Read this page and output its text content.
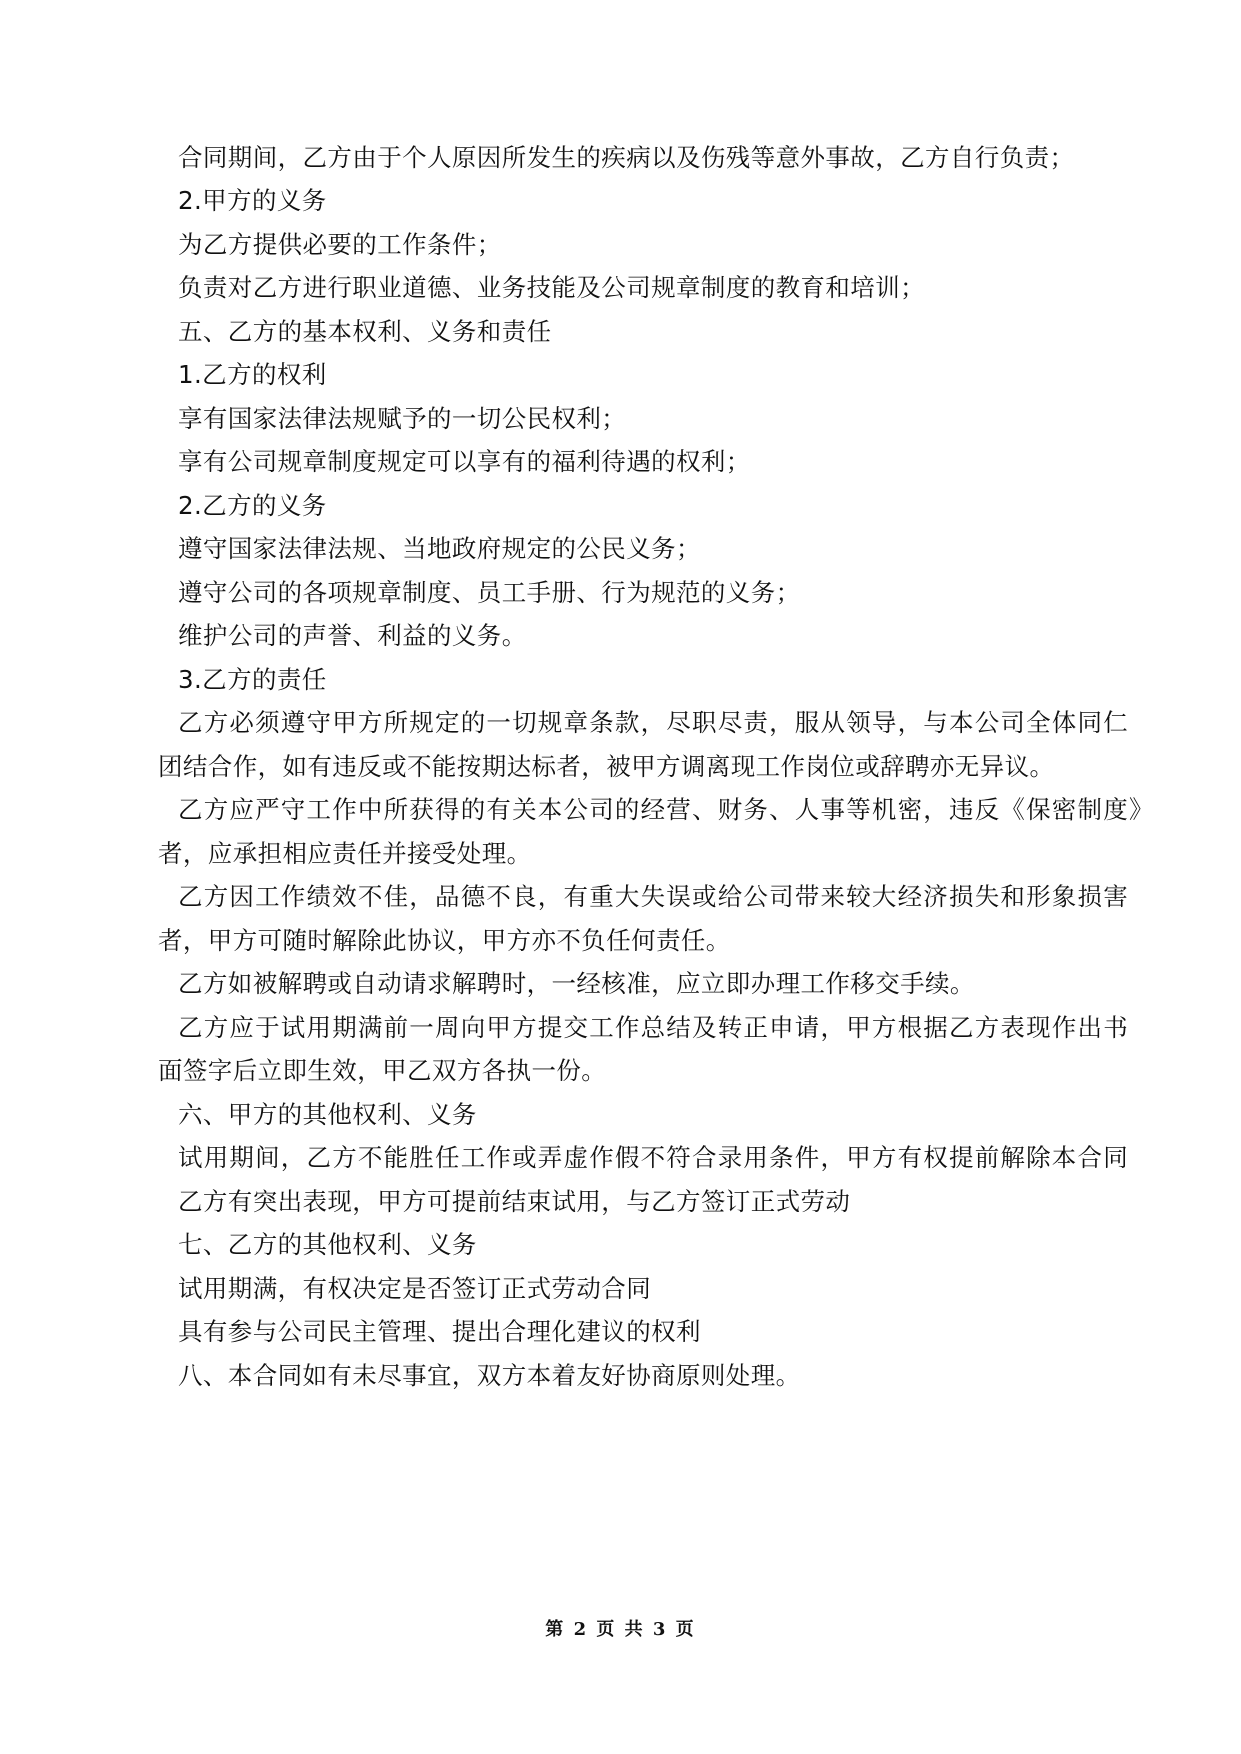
合同期间，乙方由于个人原因所发生的疾病以及伤残等意外事故，乙方自行负责；
2.甲方的义务
为乙方提供必要的工作条件；
负责对乙方进行职业道德、业务技能及公司规章制度的教育和培训；
五、乙方的基本权利、义务和责任
1.乙方的权利
享有国家法律法规赋予的一切公民权利；
享有公司规章制度规定可以享有的福利待遇的权利；
2.乙方的义务
遵守国家法律法规、当地政府规定的公民义务；
遵守公司的各项规章制度、员工手册、行为规范的义务；
维护公司的声誉、利益的义务。
3.乙方的责任
乙方必须遵守甲方所规定的一切规章条款，尽职尽责，服从领导，与本公司全体同仁
团结合作，如有违反或不能按期达标者，被甲方调离现工作岗位或辞聘亦无异议。
乙方应严守工作中所获得的有关本公司的经营、财务、人事等机密，违反《保密制度》
者，应承担相应责任并接受处理。
乙方因工作绩效不佳，品德不良，有重大失误或给公司带来较大经济损失和形象损害
者，甲方可随时解除此协议，甲方亦不负任何责任。
乙方如被解聘或自动请求解聘时，一经核准，应立即办理工作移交手续。
乙方应于试用期满前一周向甲方提交工作总结及转正申请，甲方根据乙方表现作出书
面签字后立即生效，甲乙双方各执一份。
六、甲方的其他权利、义务
试用期间，乙方不能胜任工作或弄虚作假不符合录用条件，甲方有权提前解除本合同
乙方有突出表现，甲方可提前结束试用，与乙方签订正式劳动
七、乙方的其他权利、义务
试用期满，有权决定是否签订正式劳动合同
具有参与公司民主管理、提出合理化建议的权利
八、本合同如有未尽事宜，双方本着友好协商原则处理。
第 2 页 共 3 页
